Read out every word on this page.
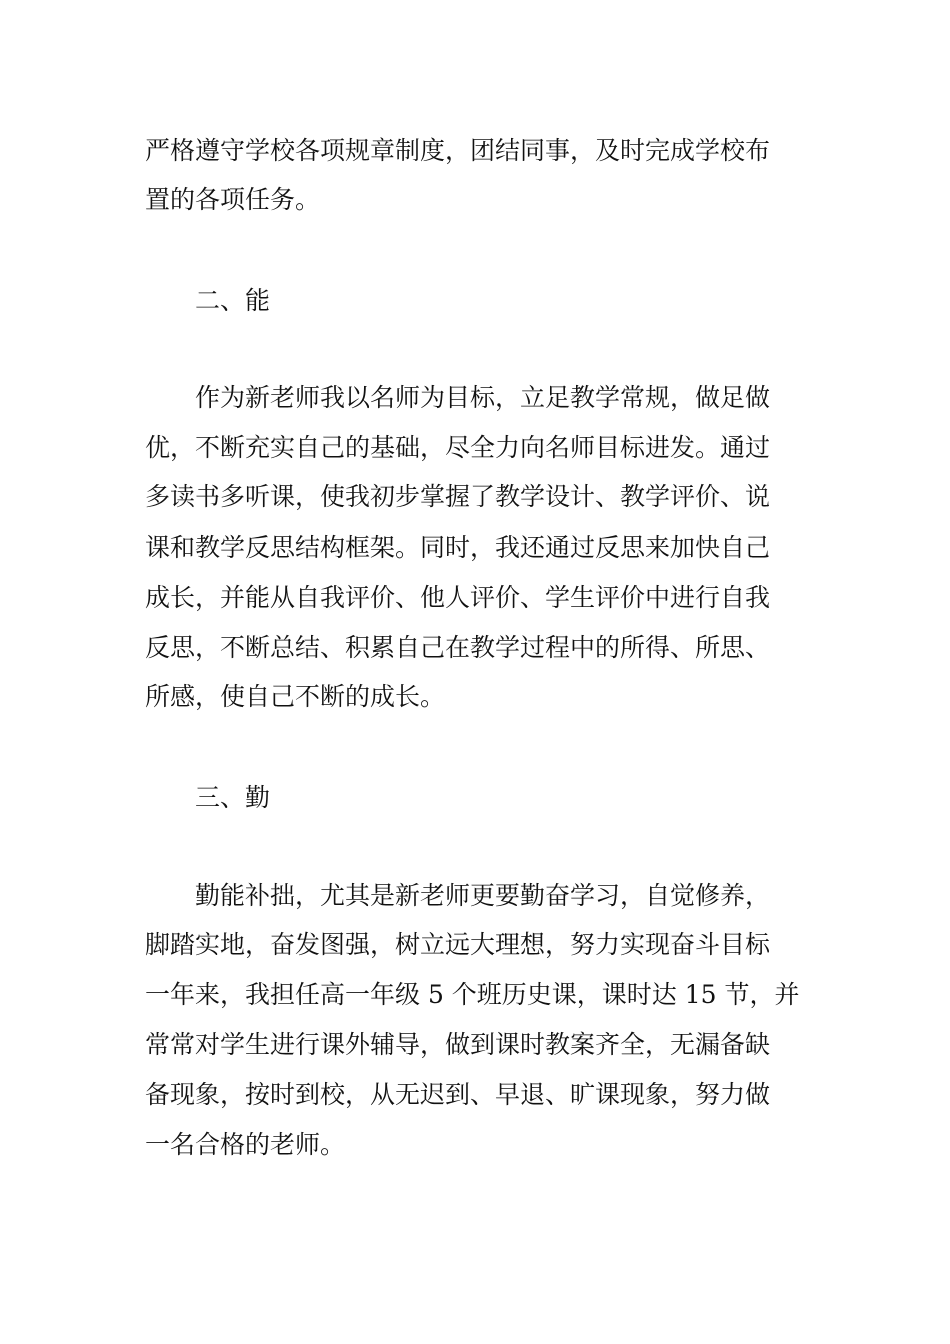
严格遵守学校各项规章制度，团结同事，及时完成学校布
置的各项任务。
二、能
作为新老师我以名师为目标，立足教学常规，做足做
优，不断充实自己的基础，尽全力向名师目标进发。通过
多读书多听课，使我初步掌握了教学设计、教学评价、说
课和教学反思结构框架。同时，我还通过反思来加快自己
成长，并能从自我评价、他人评价、学生评价中进行自我
反思，不断总结、积累自己在教学过程中的所得、所思、
所感，使自己不断的成长。
三、勤
勤能补拙，尤其是新老师更要勤奋学习，自觉修养，
脚踏实地，奋发图强，树立远大理想，努力实现奋斗目标
一年来，我担任高一年级 5 个班历史课，课时达 15 节，并
常常对学生进行课外辅导，做到课时教案齐全，无漏备缺
备现象，按时到校，从无迟到、早退、旷课现象，努力做
一名合格的老师。
